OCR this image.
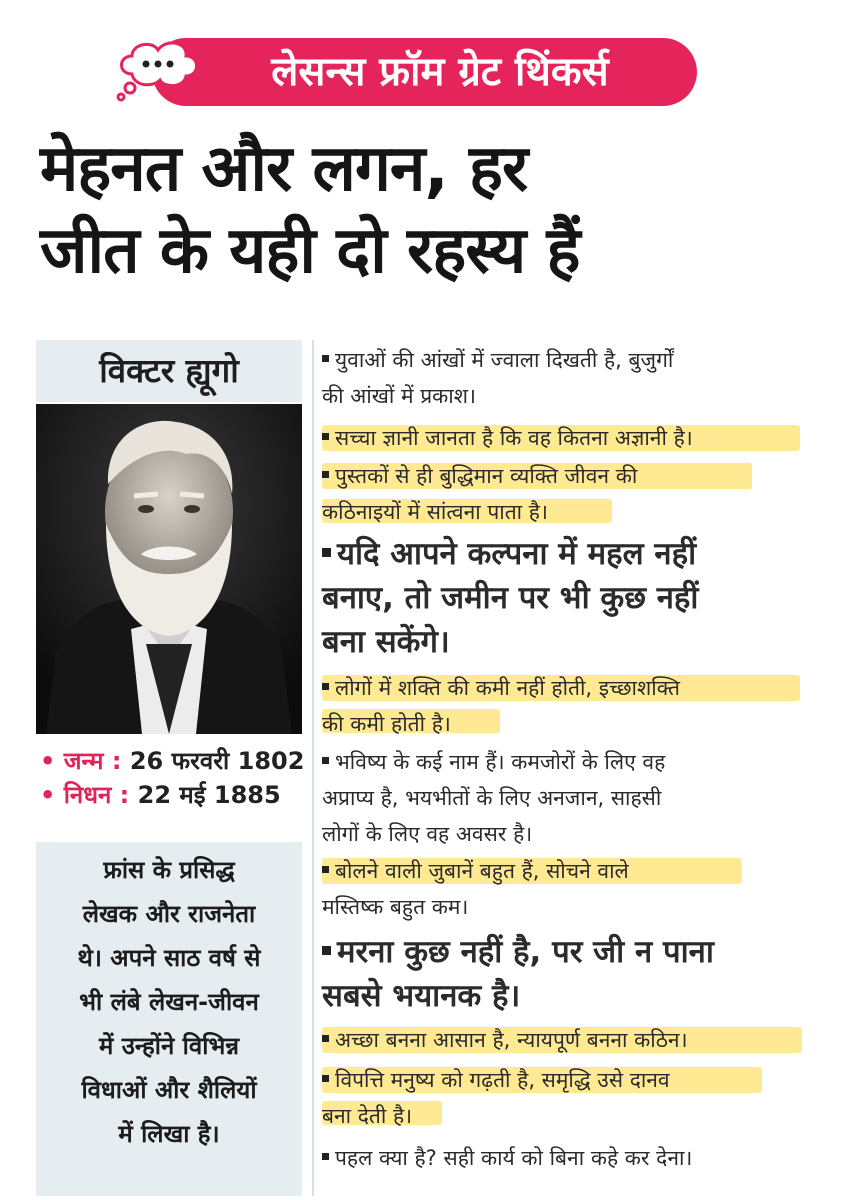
लेसन्स फ्रॉम ग्रेट थिंकर्स
मेहनत और लगन, हर
जीत के यही दो रहस्य हैं
विक्टर ह्यूगो
• जन्म : 26 फरवरी 1802
• निधन : 22 मई 1885
फ्रांस के प्रसिद्ध
लेखक और राजनेता
थे। अपने साठ वर्ष से
भी लंबे लेखन-जीवन
में उन्होंने विभिन्न
विधाओं और शैलियों
में लिखा है।
युवाओं की आंखों में ज्वाला दिखती है, बुजुर्गों
की आंखों में प्रकाश।
सच्चा ज्ञानी जानता है कि वह कितना अज्ञानी है।
पुस्तकों से ही बुद्धिमान व्यक्ति जीवन की
कठिनाइयों में सांत्वना पाता है।
यदि आपने कल्पना में महल नहीं
बनाए, तो जमीन पर भी कुछ नहीं
बना सकेंगे।
लोगों में शक्ति की कमी नहीं होती, इच्छाशक्ति
की कमी होती है।
भविष्य के कई नाम हैं। कमजोरों के लिए वह
अप्राप्य है, भयभीतों के लिए अनजान, साहसी
लोगों के लिए वह अवसर है।
बोलने वाली जुबानें बहुत हैं, सोचने वाले
मस्तिष्क बहुत कम।
मरना कुछ नहीं है, पर जी न पाना
सबसे भयानक है।
अच्छा बनना आसान है, न्यायपूर्ण बनना कठिन।
विपत्ति मनुष्य को गढ़ती है, समृद्धि उसे दानव
बना देती है।
पहल क्या है? सही कार्य को बिना कहे कर देना।
